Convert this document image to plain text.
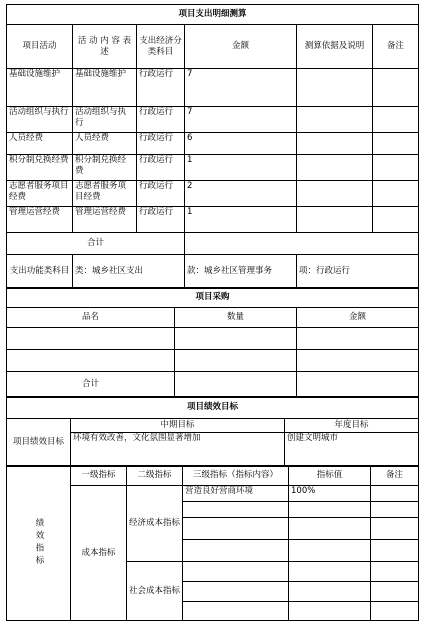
项目支出明细测算					
项目活动	活 动 内 容 表 述	支出经济分类科目	金额	测算依据及说明	备注
基础设施维护	基础设施维护	行政运行	7		
活动组织与执行	活动组织与执行	行政运行	7		
人员经费	人员经费	行政运行	6		
积分制兑换经费	积分制兑换经费	行政运行	1		
志愿者服务项目经费	志愿者服务项目经费	行政运行	2		
管理运营经费	管理运营经费	行政运行	1		
合计					
支出功能类科目	类：城乡社区支出		款：城乡社区管理事务	项：行政运行	
项目采购		
品名	数量	金额

合计		
项目绩效目标		
项目绩效目标	中期目标	年度目标
	环境有效改善，文化氛围显著增加	创建文明城市
绩效指标	一级指标	二级指标	三级指标（指标内容）	指标值	备注
	成本指标	经济成本指标	营造良好营商环境	100%	

		社会成本指标			
